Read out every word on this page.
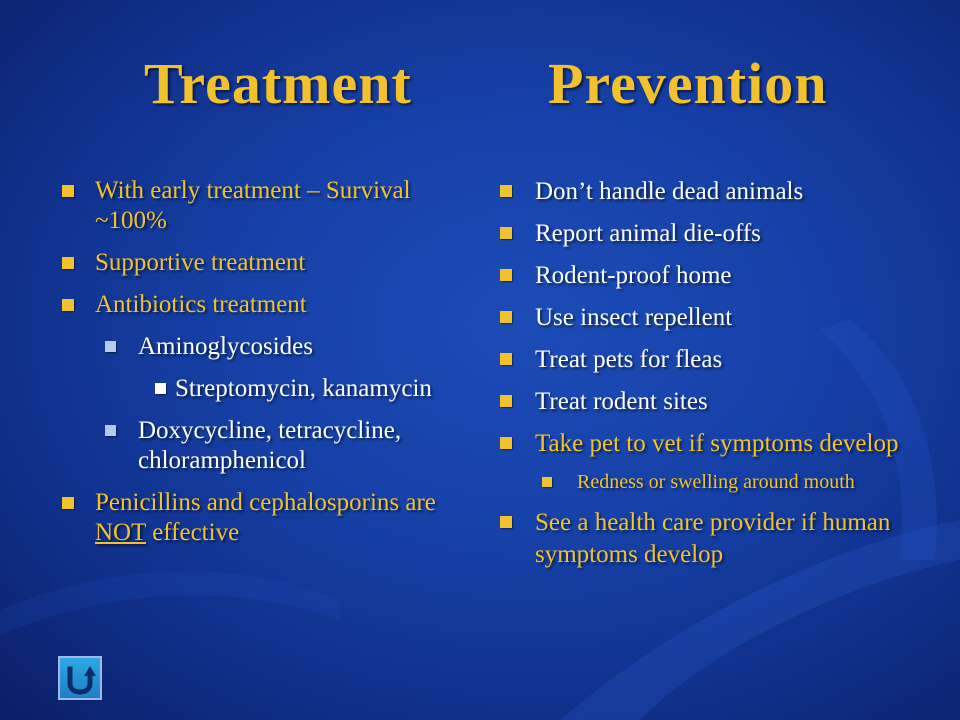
Treatment Prevention
With early treatment – Survival ~100%
Supportive treatment
Antibiotics treatment
Aminoglycosides
Streptomycin, kanamycin
Doxycycline, tetracycline, chloramphenicol
Penicillins and cephalosporins are NOT effective
Don’t handle dead animals
Report animal die-offs
Rodent-proof home
Use insect repellent
Treat pets for fleas
Treat rodent sites
Take pet to vet if symptoms develop
Redness or swelling around mouth
See a health care provider if human symptoms develop
